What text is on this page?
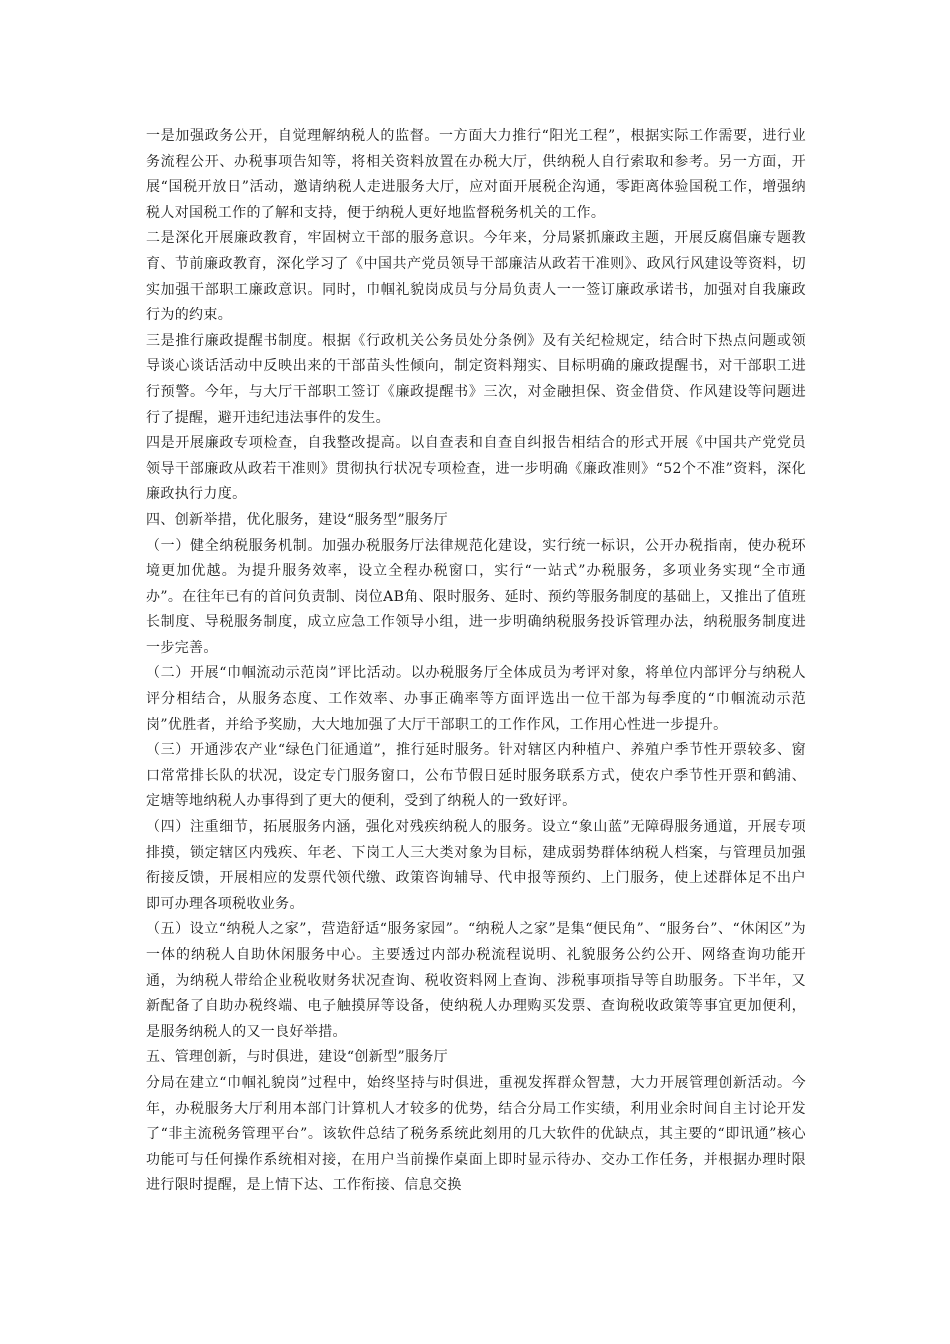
一是加强政务公开，自觉理解纳税人的监督。一方面大力推行“阳光工程”，根据实际工作需要，进行业务流程公开、办税事项告知等，将相关资料放置在办税大厅，供纳税人自行索取和参考。另一方面，开展“国税开放日”活动，邀请纳税人走进服务大厅，应对面开展税企沟通，零距离体验国税工作，增强纳税人对国税工作的了解和支持，便于纳税人更好地监督税务机关的工作。

二是深化开展廉政教育，牢固树立干部的服务意识。今年来，分局紧抓廉政主题，开展反腐倡廉专题教育、节前廉政教育，深化学习了《中国共产党员领导干部廉洁从政若干准则》、政风行风建设等资料，切实加强干部职工廉政意识。同时，巾帼礼貌岗成员与分局负责人一一签订廉政承诺书，加强对自我廉政行为的约束。

三是推行廉政提醒书制度。根据《行政机关公务员处分条例》及有关纪检规定，结合时下热点问题或领导谈心谈话活动中反映出来的干部苗头性倾向，制定资料翔实、目标明确的廉政提醒书，对干部职工进行预警。今年，与大厅干部职工签订《廉政提醒书》三次，对金融担保、资金借贷、作风建设等问题进行了提醒，避开违纪违法事件的发生。

四是开展廉政专项检查，自我整改提高。以自查表和自查自纠报告相结合的形式开展《中国共产党党员领导干部廉政从政若干准则》贯彻执行状况专项检查，进一步明确《廉政准则》“52个不准”资料，深化廉政执行力度。

四、创新举措，优化服务，建设“服务型”服务厅

（一）健全纳税服务机制。加强办税服务厅法律规范化建设，实行统一标识，公开办税指南，使办税环境更加优越。为提升服务效率，设立全程办税窗口，实行“一站式”办税服务，多项业务实现“全市通办”。在往年已有的首问负责制、岗位AB角、限时服务、延时、预约等服务制度的基础上，又推出了值班长制度、导税服务制度，成立应急工作领导小组，进一步明确纳税服务投诉管理办法，纳税服务制度进一步完善。

（二）开展“巾帼流动示范岗”评比活动。以办税服务厅全体成员为考评对象，将单位内部评分与纳税人评分相结合，从服务态度、工作效率、办事正确率等方面评选出一位干部为每季度的“巾帼流动示范岗”优胜者，并给予奖励，大大地加强了大厅干部职工的工作作风，工作用心性进一步提升。

（三）开通涉农产业“绿色门征通道”，推行延时服务。针对辖区内种植户、养殖户季节性开票较多、窗口常常排长队的状况，设定专门服务窗口，公布节假日延时服务联系方式，使农户季节性开票和鹤浦、定塘等地纳税人办事得到了更大的便利，受到了纳税人的一致好评。

（四）注重细节，拓展服务内涵，强化对残疾纳税人的服务。设立“象山蓝”无障碍服务通道，开展专项排摸，锁定辖区内残疾、年老、下岗工人三大类对象为目标，建成弱势群体纳税人档案，与管理员加强衔接反馈，开展相应的发票代领代缴、政策咨询辅导、代申报等预约、上门服务，使上述群体足不出户即可办理各项税收业务。

（五）设立“纳税人之家”，营造舒适“服务家园”。“纳税人之家”是集“便民角”、“服务台”、“休闲区”为一体的纳税人自助休闲服务中心。主要透过内部办税流程说明、礼貌服务公约公开、网络查询功能开通，为纳税人带给企业税收财务状况查询、税收资料网上查询、涉税事项指导等自助服务。下半年，又新配备了自助办税终端、电子触摸屏等设备，使纳税人办理购买发票、查询税收政策等事宜更加便利，是服务纳税人的又一良好举措。

五、管理创新，与时俱进，建设“创新型”服务厅

分局在建立“巾帼礼貌岗”过程中，始终坚持与时俱进，重视发挥群众智慧，大力开展管理创新活动。今年，办税服务大厅利用本部门计算机人才较多的优势，结合分局工作实绩，利用业余时间自主讨论开发了“非主流税务管理平台”。该软件总结了税务系统此刻用的几大软件的优缺点，其主要的“即讯通”核心功能可与任何操作系统相对接，在用户当前操作桌面上即时显示待办、交办工作任务，并根据办理时限进行限时提醒，是上情下达、工作衔接、信息交换
